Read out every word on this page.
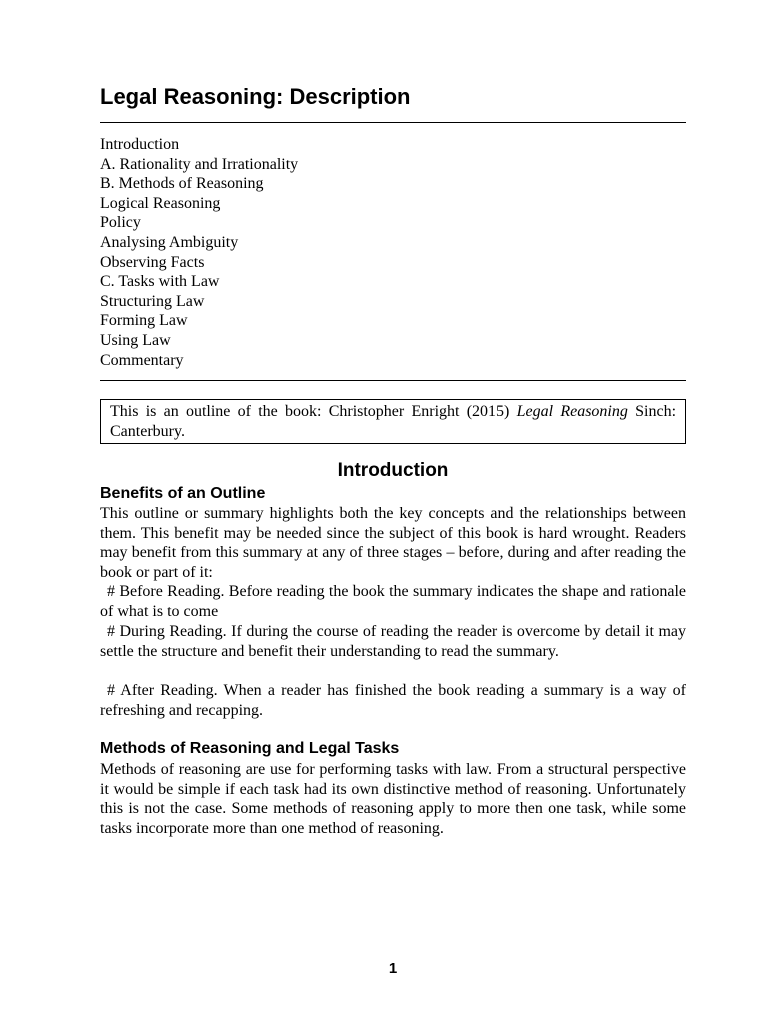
Legal Reasoning: Description
Introduction
A. Rationality and Irrationality
B. Methods of Reasoning
Logical Reasoning
Policy
Analysing Ambiguity
Observing Facts
C. Tasks with Law
Structuring Law
Forming Law
Using Law
Commentary
This is an outline of the book: Christopher Enright (2015) Legal Reasoning Sinch: Canterbury.
Introduction
Benefits of an Outline

This outline or summary highlights both the key concepts and the relationships between them. This benefit may be needed since the subject of this book is hard wrought. Readers may benefit from this summary at any of three stages – before, during and after reading the book or part of it:

# Before Reading. Before reading the book the summary indicates the shape and rationale of what is to come

# During Reading. If during the course of reading the reader is overcome by detail it may settle the structure and benefit their understanding to read the summary.

# After Reading. When a reader has finished the book reading a summary is a way of refreshing and recapping.

Methods of Reasoning and Legal Tasks

Methods of reasoning are use for performing tasks with law. From a structural perspective it would be simple if each task had its own distinctive method of reasoning. Unfortunately this is not the case. Some methods of reasoning apply to more then one task, while some tasks incorporate more than one method of reasoning.

1
